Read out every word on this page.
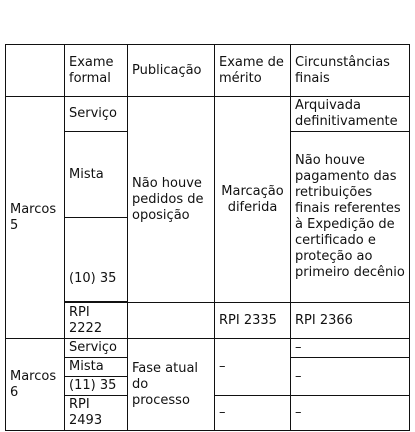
	Exame formal	Publicação	Exame de mérito	Circunstâncias finais
Marcos 5	Serviço	Não houve pedidos de oposição	Marcação diferida	Arquivada definitivamente
	Mista			Não houve pagamento das retribuições finais referentes à Expedição de certificado e proteção ao primeiro decênio
	(10) 35			

	RPI 2222		RPI 2335	RPI 2366
Marcos 6	Serviço	Fase atual do processo	–	–
	Mista			–
	(11) 35			
	RPI 2493		–	–
